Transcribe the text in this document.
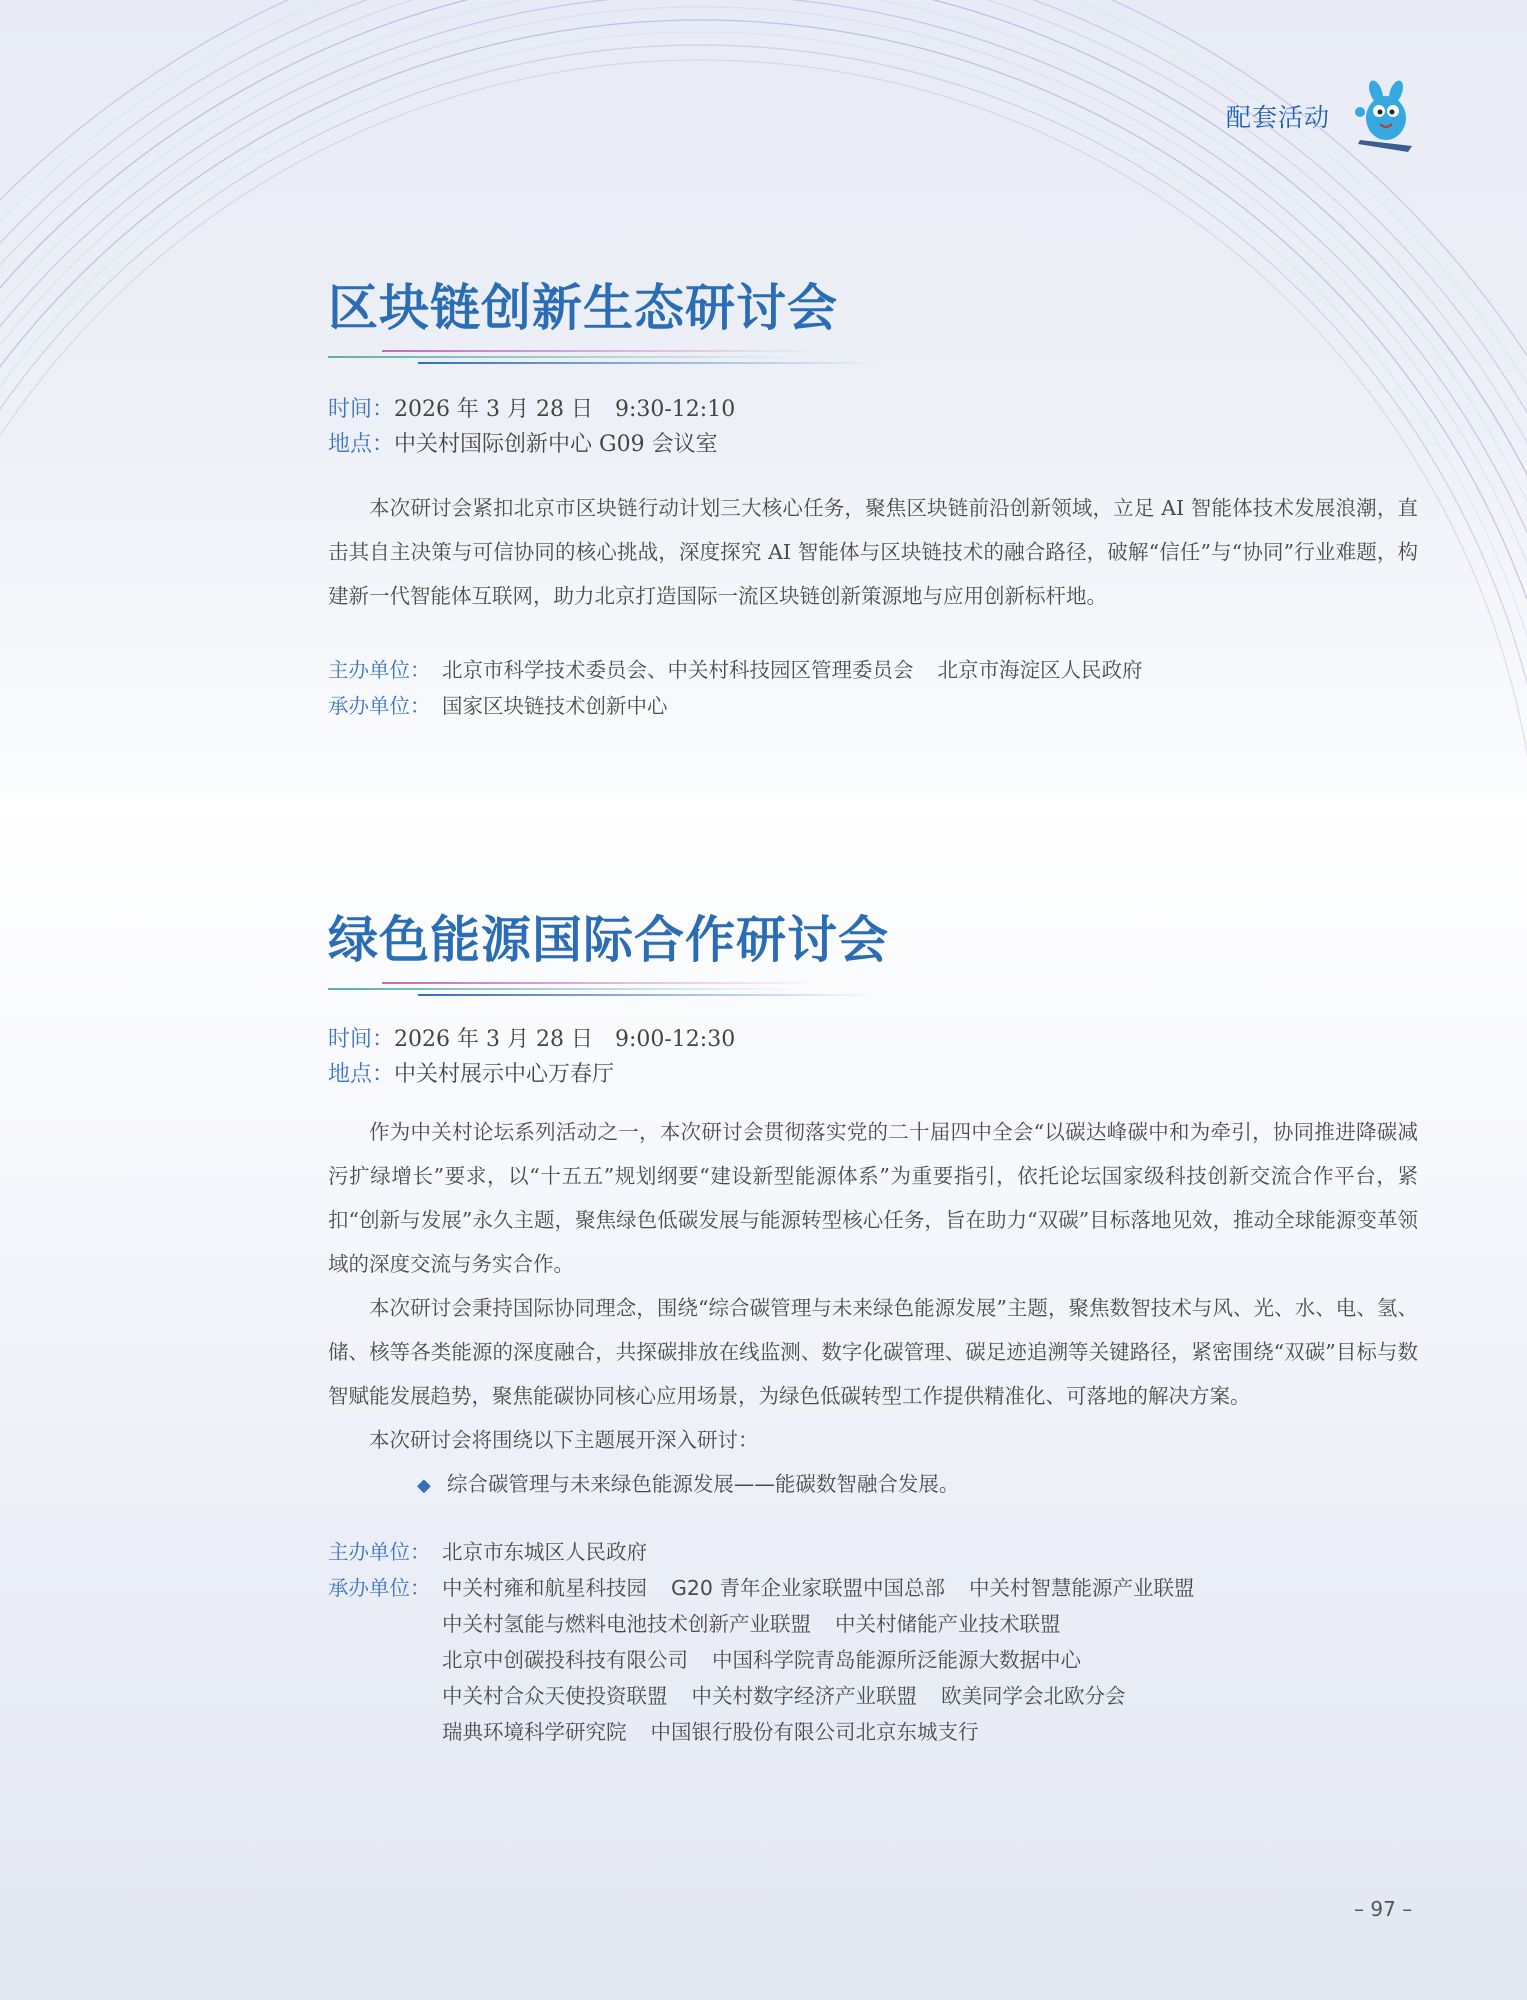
配套活动
区块链创新生态研讨会
时间：2026 年 3 月 28 日　9:30-12:10
地点：中关村国际创新中心 G09 会议室

本次研讨会紧扣北京市区块链行动计划三大核心任务，聚焦区块链前沿创新领域，立足 AI 智能体技术发展浪潮，直击其自主决策与可信协同的核心挑战，深度探究 AI 智能体与区块链技术的融合路径，破解“信任”与“协同”行业难题，构建新一代智能体互联网，助力北京打造国际一流区块链创新策源地与应用创新标杆地。

主办单位： 北京市科学技术委员会、中关村科技园区管理委员会 北京市海淀区人民政府
承办单位： 国家区块链技术创新中心
绿色能源国际合作研讨会
时间：2026 年 3 月 28 日　9:00-12:30
地点：中关村展示中心万春厅

作为中关村论坛系列活动之一，本次研讨会贯彻落实党的二十届四中全会“以碳达峰碳中和为牵引，协同推进降碳减污扩绿增长”要求，以“十五五”规划纲要“建设新型能源体系”为重要指引，依托论坛国家级科技创新交流合作平台，紧扣“创新与发展”永久主题，聚焦绿色低碳发展与能源转型核心任务，旨在助力“双碳”目标落地见效，推动全球能源变革领域的深度交流与务实合作。

本次研讨会秉持国际协同理念，围绕“综合碳管理与未来绿色能源发展”主题，聚焦数智技术与风、光、水、电、氢、储、核等各类能源的深度融合，共探碳排放在线监测、数字化碳管理、碳足迹追溯等关键路径，紧密围绕“双碳”目标与数智赋能发展趋势，聚焦能碳协同核心应用场景，为绿色低碳转型工作提供精准化、可落地的解决方案。

本次研讨会将围绕以下主题展开深入研讨：

◆ 综合碳管理与未来绿色能源发展——能碳数智融合发展。

主办单位： 北京市东城区人民政府
承办单位： 中关村雍和航星科技园 G20 青年企业家联盟中国总部 中关村智慧能源产业联盟
中关村氢能与燃料电池技术创新产业联盟 中关村储能产业技术联盟
北京中创碳投科技有限公司 中国科学院青岛能源所泛能源大数据中心
中关村合众天使投资联盟 中关村数字经济产业联盟 欧美同学会北欧分会
瑞典环境科学研究院 中国银行股份有限公司北京东城支行
– 97 –
